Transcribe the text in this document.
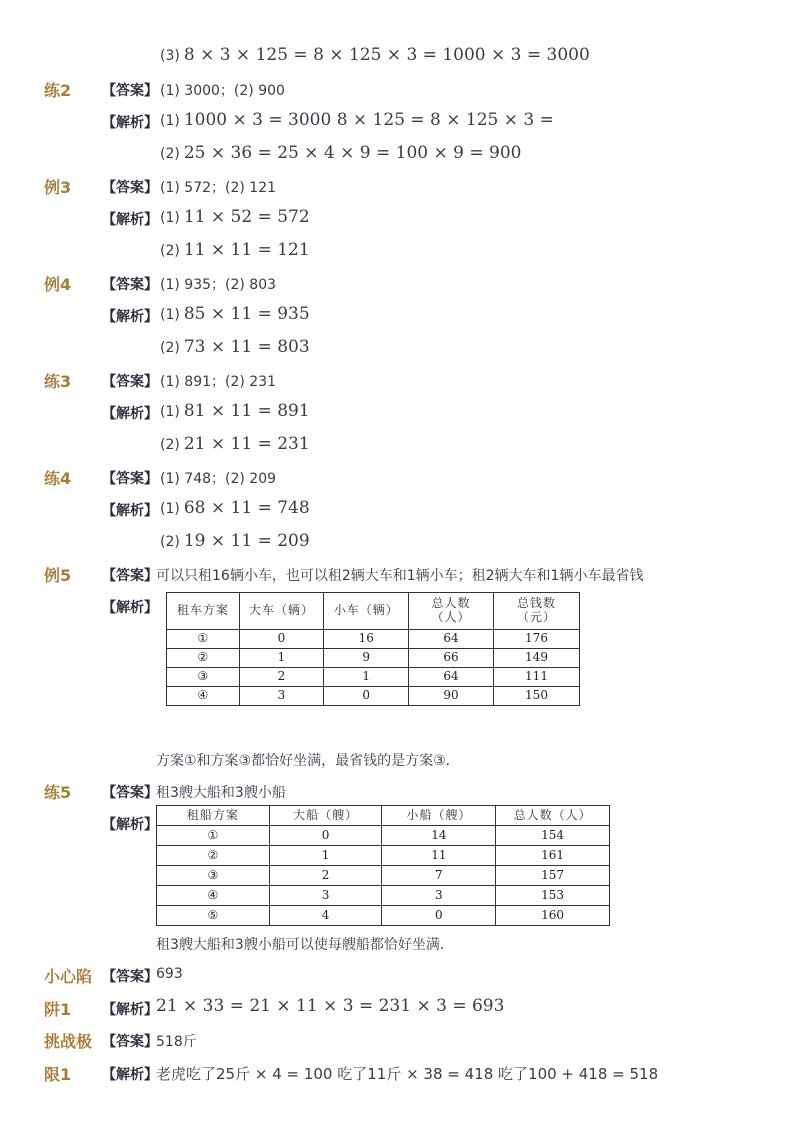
(3) 8 × 3 × 125 = 8 × 125 × 3 = 1000 × 3 = 3000
练2 【答案】 (1) 3000；(2) 900
【解析】 (1) 1000 × 3 = 3000 8 × 125 = 8 × 125 × 3 =
(2) 25 × 36 = 25 × 4 × 9 = 100 × 9 = 900
例3 【答案】 (1) 572；(2) 121
【解析】 (1) 11 × 52 = 572
(2) 11 × 11 = 121
例4 【答案】 (1) 935；(2) 803
【解析】 (1) 85 × 11 = 935
(2) 73 × 11 = 803
练3 【答案】 (1) 891；(2) 231
【解析】 (1) 81 × 11 = 891
(2) 21 × 11 = 231
练4 【答案】 (1) 748；(2) 209
【解析】 (1) 68 × 11 = 748
(2) 19 × 11 = 209
例5 【答案】
可以只租16辆小车，也可以租2辆大车和1辆小车；租2辆大车和1辆小车最省钱
【解析】 租车方案	大车（辆）	小车（辆）	总人数（人）	总钱数（元）
①	0	16	64	176
②	1	9	66	149
③	2	1	64	111
④	3	0	90	150
方案①和方案③都恰好坐满，最省钱的是方案③．
练5 【答案】
租3艘大船和3艘小船
【解析】
租船方案	大船（艘）	小船（艘）	总人数（人）
①	0	14	154
②	1	11	161
③	2	7	157
④	3	3	153
⑤	4	0	160
租3艘大船和3艘小船可以使每艘船都恰好坐满．
小心陷 【答案】
693
阱1 【解析】
21 × 33 = 21 × 11 × 3 = 231 × 3 = 693
挑战极 【答案】
518斤
限1 【解析】
老虎吃了25斤 × 4 = 100 吃了11斤 × 38 = 418 吃了100 + 418 = 518
